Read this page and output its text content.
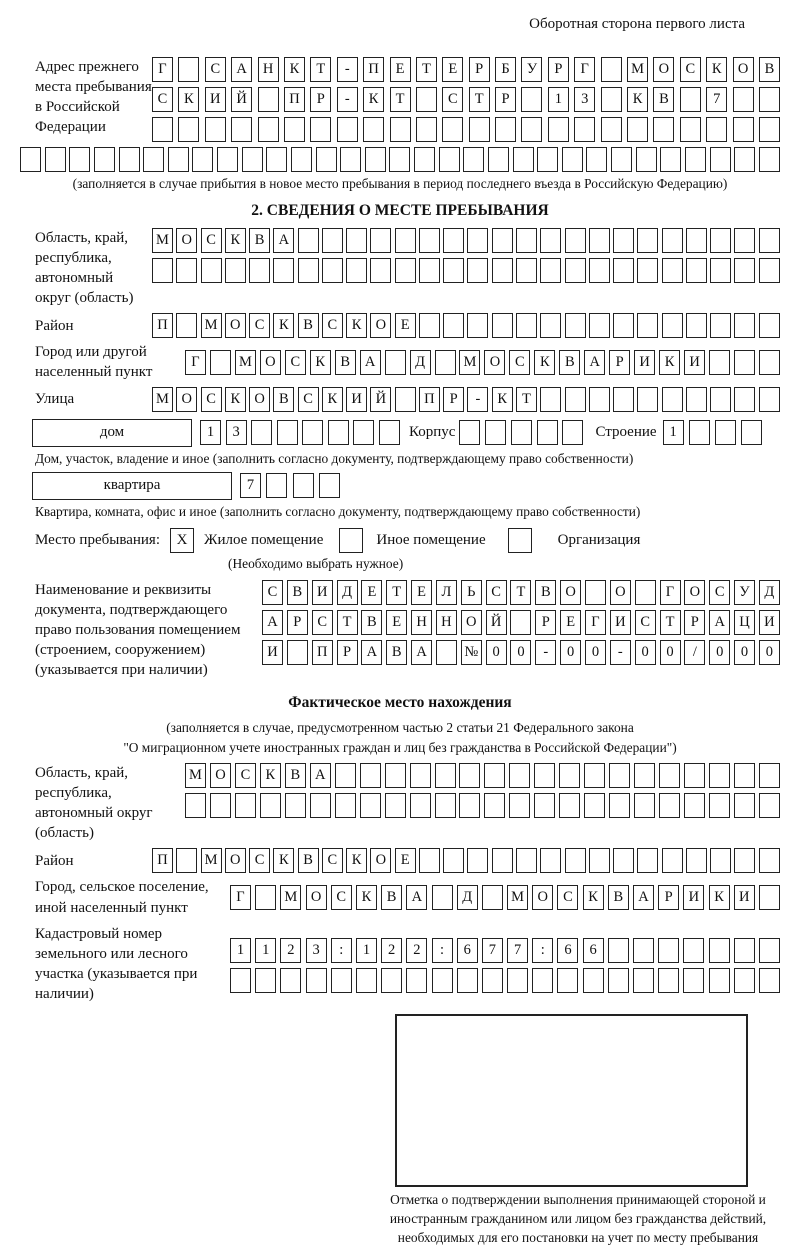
Оборотная сторона первого листа
Адрес прежнего места пребывания в Российской Федерации
Г	С	А	Н	К	Т	-	П	Е	Т	Е	Р	Б	У	Р	Г	М	О	С	К	О	В
С	К	И	Й	П	Р	-	К	Т	С	Т	Р	1	3	К	В	7
(заполняется в случае прибытия в новое место пребывания в период последнего въезда в Российскую Федерацию)
2. СВЕДЕНИЯ О МЕСТЕ ПРЕБЫВАНИЯ
Область, край, республика, автономный округ (область)
М О С	К	В А
Район	П	М О С	К	В	С	К О	Е
Город или другой населенный пункт
Г	М О	С	К	В	А	Д	М О	С	К	В	А	Р	И	К	И
Улица	М О С	К О В	С	К И Й	П	Р	-	К	Т
дом	1	3	Корпус	Строение 1
Дом, участок, владение и иное (заполнить согласно документу, подтверждающему право собственности)
квартира	7
Квартира, комната, офис и иное (заполнить согласно документу, подтверждающему право собственности)
Место пребывания:	X	Жилое помещение	Иное помещение	Организация
(Необходимо выбрать нужное)
Наименование и реквизиты документа, подтверждающего право пользования помещением (строением, сооружением) (указывается при наличии)
С	В	И	Д	Е	Т	Е	Л	Ь	С	Т	В	О	О	Г	О	С	У	Д
А	Р	С	Т	В	Е	Н Н О Й	Р	Е	Г	И	С	Т	Р	А Ц И
И	П	Р	А	В	А	№ 0	0	-	0	0	-	0	0	/	0	0	0
Фактическое место нахождения
(заполняется в случае, предусмотренном частью 2 статьи 21 Федерального закона
"О миграционном учете иностранных граждан и лиц без гражданства в Российской Федерации")
Область, край, республика, автономный округ (область)
М О	С	К	В	А
Район	П	М О С	К	В	С	К О	Е
Город, сельское поселение, иной населенный пункт
Г	М О	С	К	В	А	Д	М О	С	К	В	А	Р	И	К	И
Кадастровый номер земельного или лесного участка (указывается при наличии)
1	1	2	3	:	1	2	2	:	6	7	7	:	6	6
Отметка о подтверждении выполнения принимающей стороной и иностранным гражданином или лицом без гражданства действий, необходимых для его постановки на учет по месту пребывания
